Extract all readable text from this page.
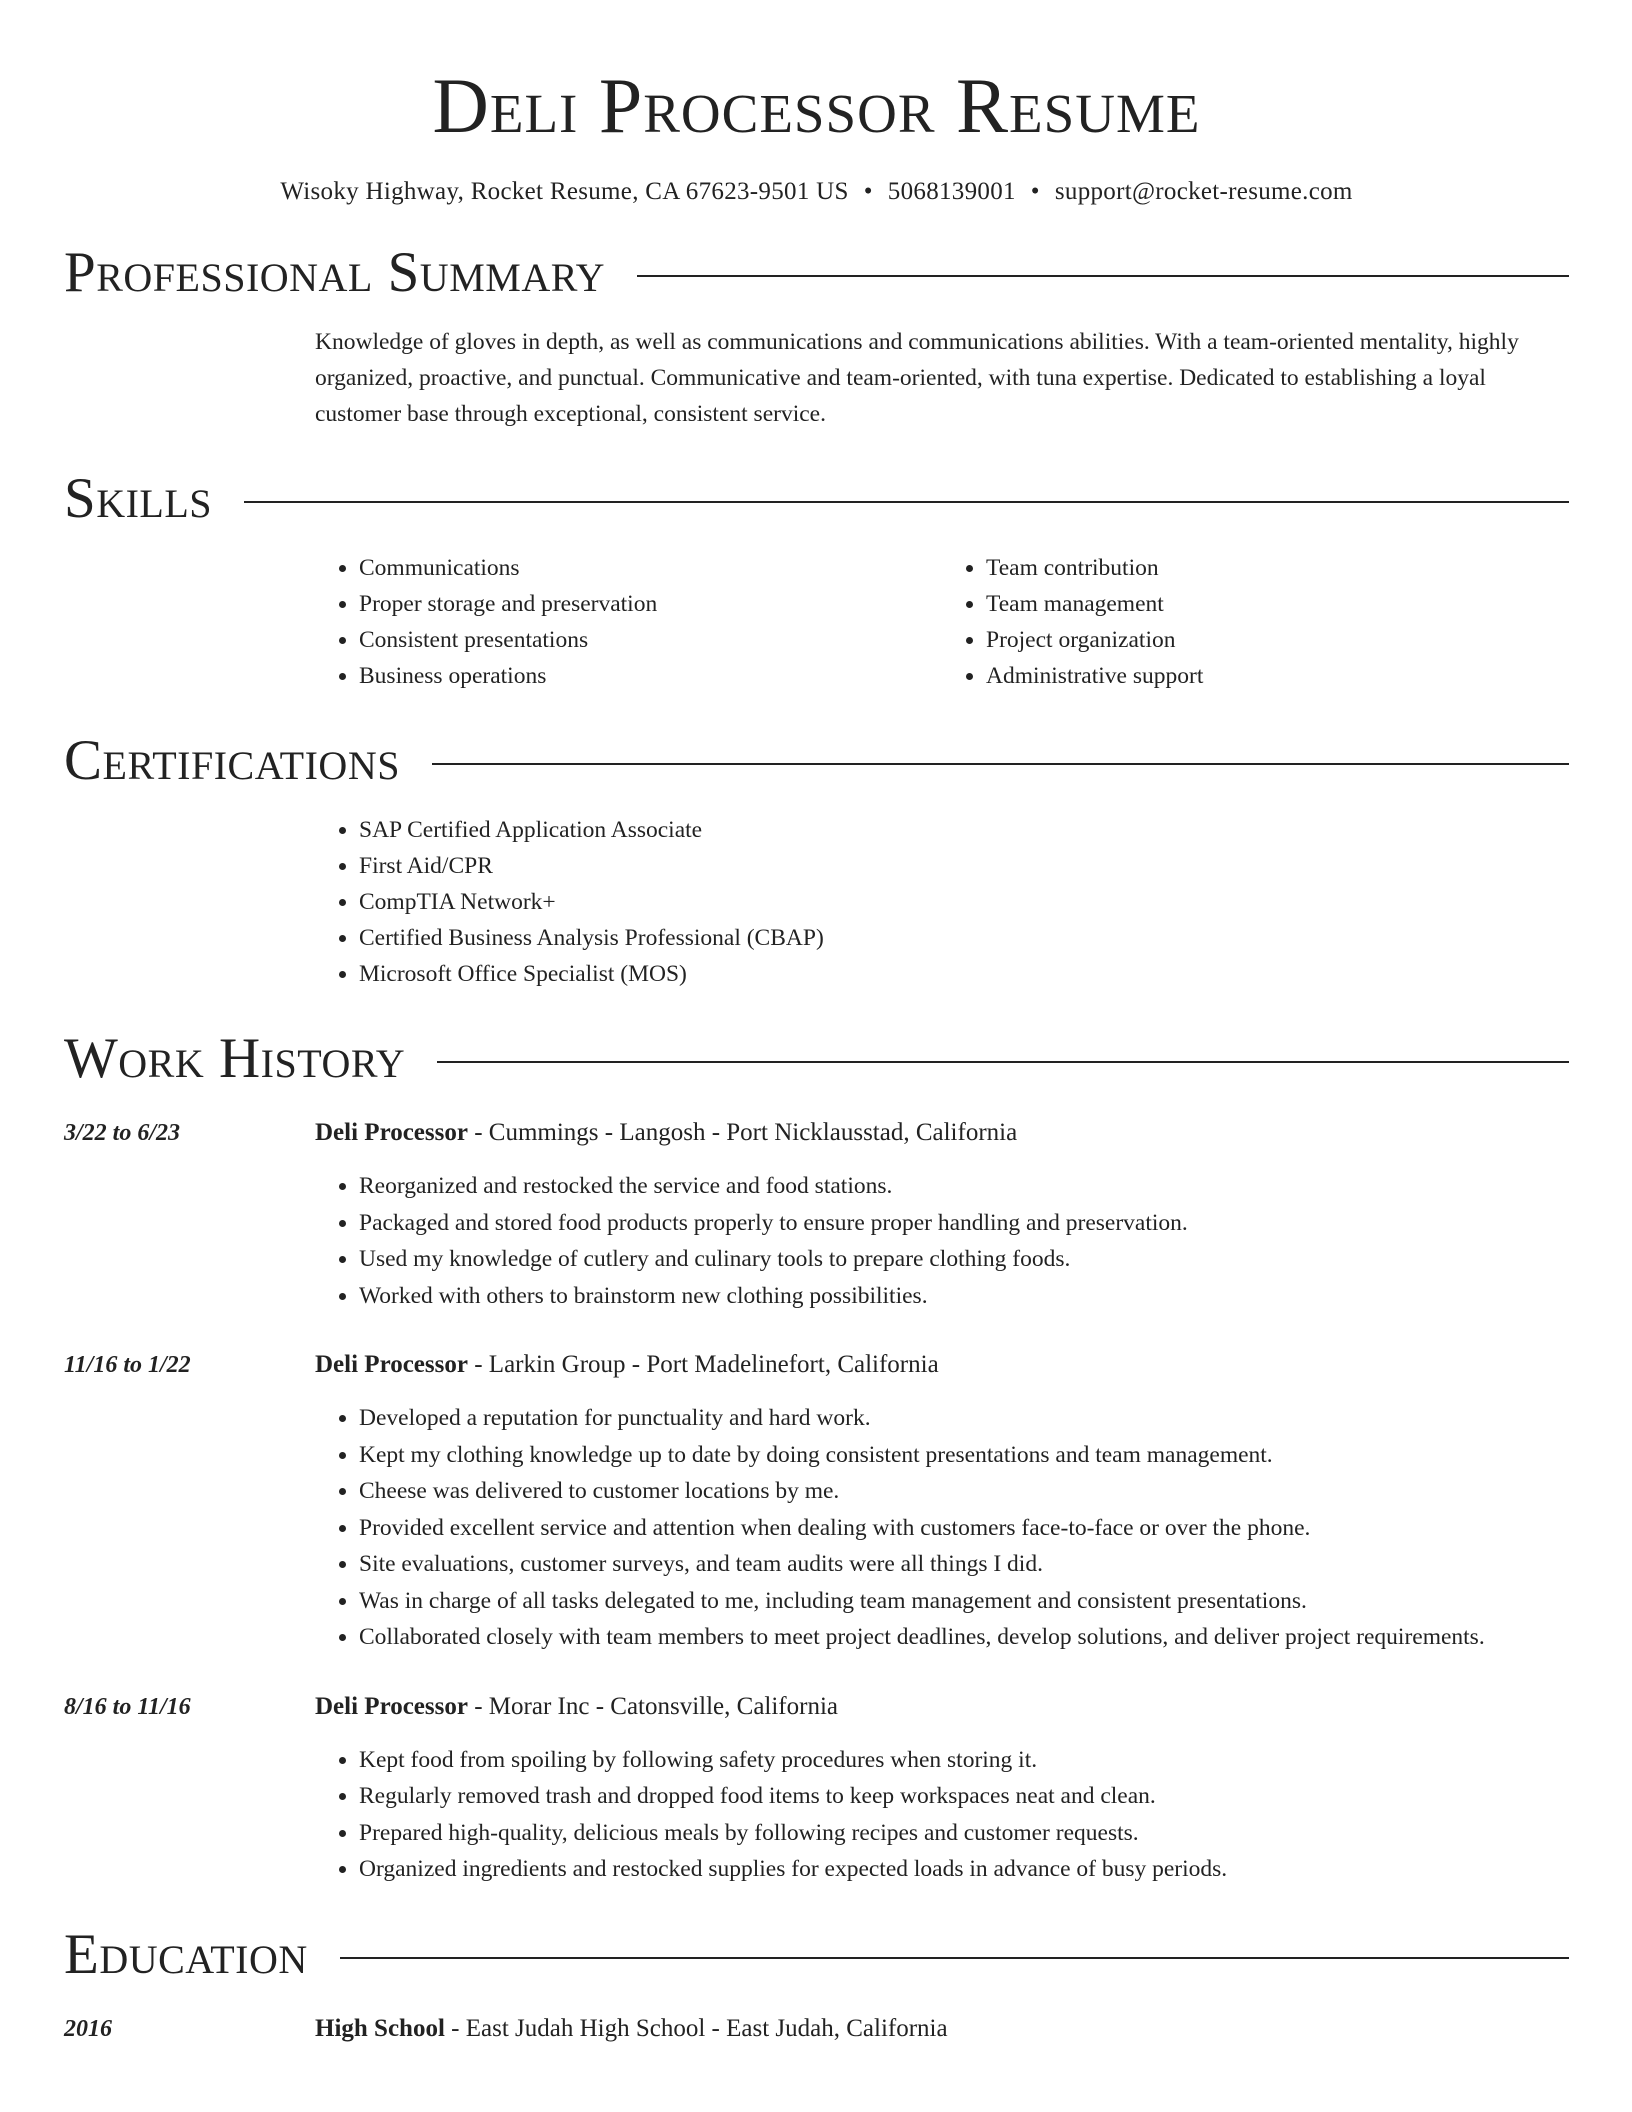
Deli Processor Resume
Wisoky Highway, Rocket Resume, CA 67623-9501 US • 5068139001 • support@rocket-resume.com
Professional Summary
Knowledge of gloves in depth, as well as communications and communications abilities. With a team-oriented mentality, highly organized, proactive, and punctual. Communicative and team-oriented, with tuna expertise. Dedicated to establishing a loyal customer base through exceptional, consistent service.
Skills
• Communications
• Proper storage and preservation
• Consistent presentations
• Business operations
• Team contribution
• Team management
• Project organization
• Administrative support
Certifications
• SAP Certified Application Associate
• First Aid/CPR
• CompTIA Network+
• Certified Business Analysis Professional (CBAP)
• Microsoft Office Specialist (MOS)
Work History
3/22 to 6/23	Deli Processor - Cummings - Langosh - Port Nicklausstad, California
• Reorganized and restocked the service and food stations.
• Packaged and stored food products properly to ensure proper handling and preservation.
• Used my knowledge of cutlery and culinary tools to prepare clothing foods.
• Worked with others to brainstorm new clothing possibilities.
11/16 to 1/22	Deli Processor - Larkin Group - Port Madelinefort, California
• Developed a reputation for punctuality and hard work.
• Kept my clothing knowledge up to date by doing consistent presentations and team management.
• Cheese was delivered to customer locations by me.
• Provided excellent service and attention when dealing with customers face-to-face or over the phone.
• Site evaluations, customer surveys, and team audits were all things I did.
• Was in charge of all tasks delegated to me, including team management and consistent presentations.
• Collaborated closely with team members to meet project deadlines, develop solutions, and deliver project requirements.
8/16 to 11/16	Deli Processor - Morar Inc - Catonsville, California
• Kept food from spoiling by following safety procedures when storing it.
• Regularly removed trash and dropped food items to keep workspaces neat and clean.
• Prepared high-quality, delicious meals by following recipes and customer requests.
• Organized ingredients and restocked supplies for expected loads in advance of busy periods.
Education
2016	High School - East Judah High School - East Judah, California
